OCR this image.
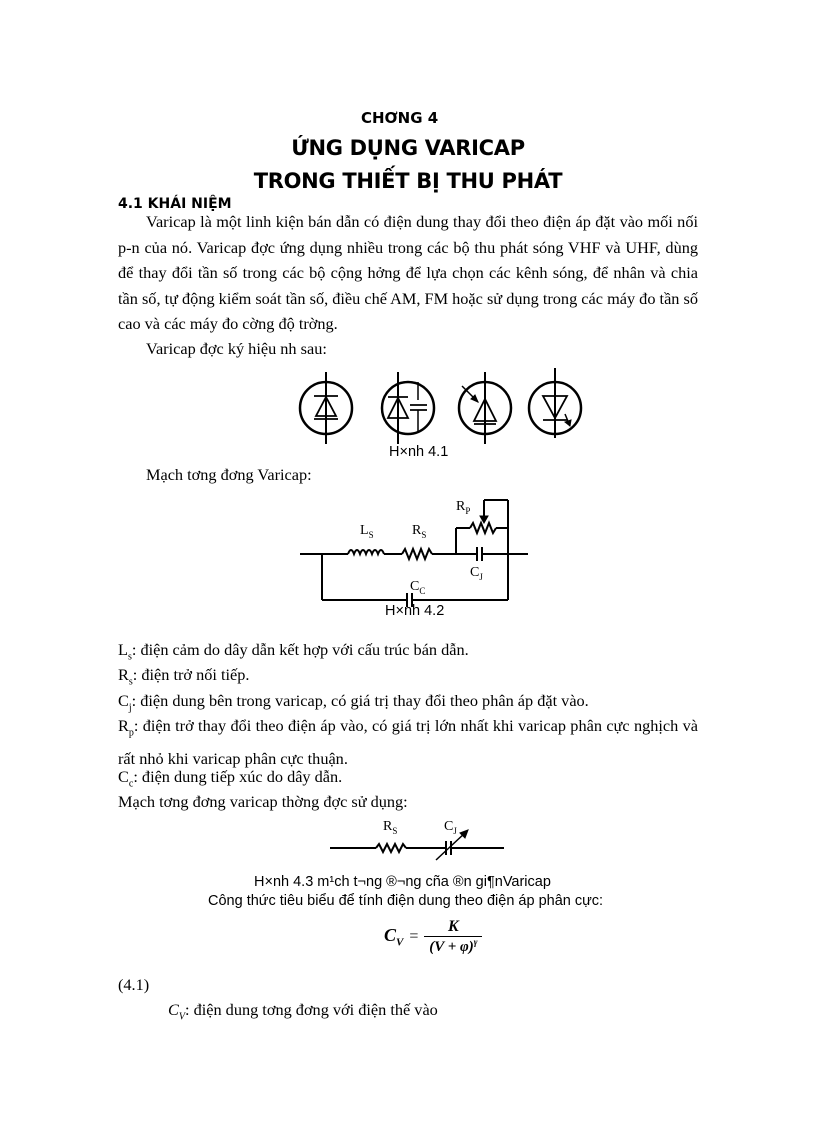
CHƠNG 4
ỨNG DỤNG VARICAP
TRONG THIẾT BỊ THU PHÁT
4.1 KHÁI NIỆM
Varicap là một linh kiện bán dẫn có điện dung thay đổi theo điện áp đặt vào mối nối p-n của nó. Varicap đợc ứng dụng nhiều trong các bộ thu phát sóng VHF và UHF, dùng để thay đổi tần số trong các bộ cộng hởng để lựa chọn các kênh sóng, để nhân và chia tần số, tự động kiểm soát tần số, điều chế AM, FM hoặc sử dụng trong các máy đo tần số cao và các máy đo cờng độ trờng.
Varicap đợc ký hiệu nh sau:
H×nh 4.1
Mạch tơng đơng Varicap:
$L_S$	$R_S$
$R_P$
$C_J$
$C_C$
H×nh 4.2
$L_s$: điện cảm do dây dẫn kết hợp với cấu trúc bán dẫn.
$R_s$: điện trở nối tiếp.
$C_j$: điện dung bên trong varicap, có giá trị thay đổi theo phân áp đặt vào.
$R_p$: điện trở thay đổi theo điện áp vào, có giá trị lớn nhất khi varicap phân cực nghịch và rất nhỏ khi varicap phân cực thuận.
$C_c$: điện dung tiếp xúc do dây dẫn.
Mạch tơng đơng varicap thờng đợc sử dụng:
$R_S$	$C_J$
H×nh 4.3 m¹ch t¬ng ®¬ng cña ®n gi¶nVaricap
Công thức tiêu biểu để tính điện dung theo điện áp phân cực:
$C_V$ =
K
$(V + \varphi)^\gamma$
(4.1)
$C_V$: điện dung tơng đơng với điện thế vào
